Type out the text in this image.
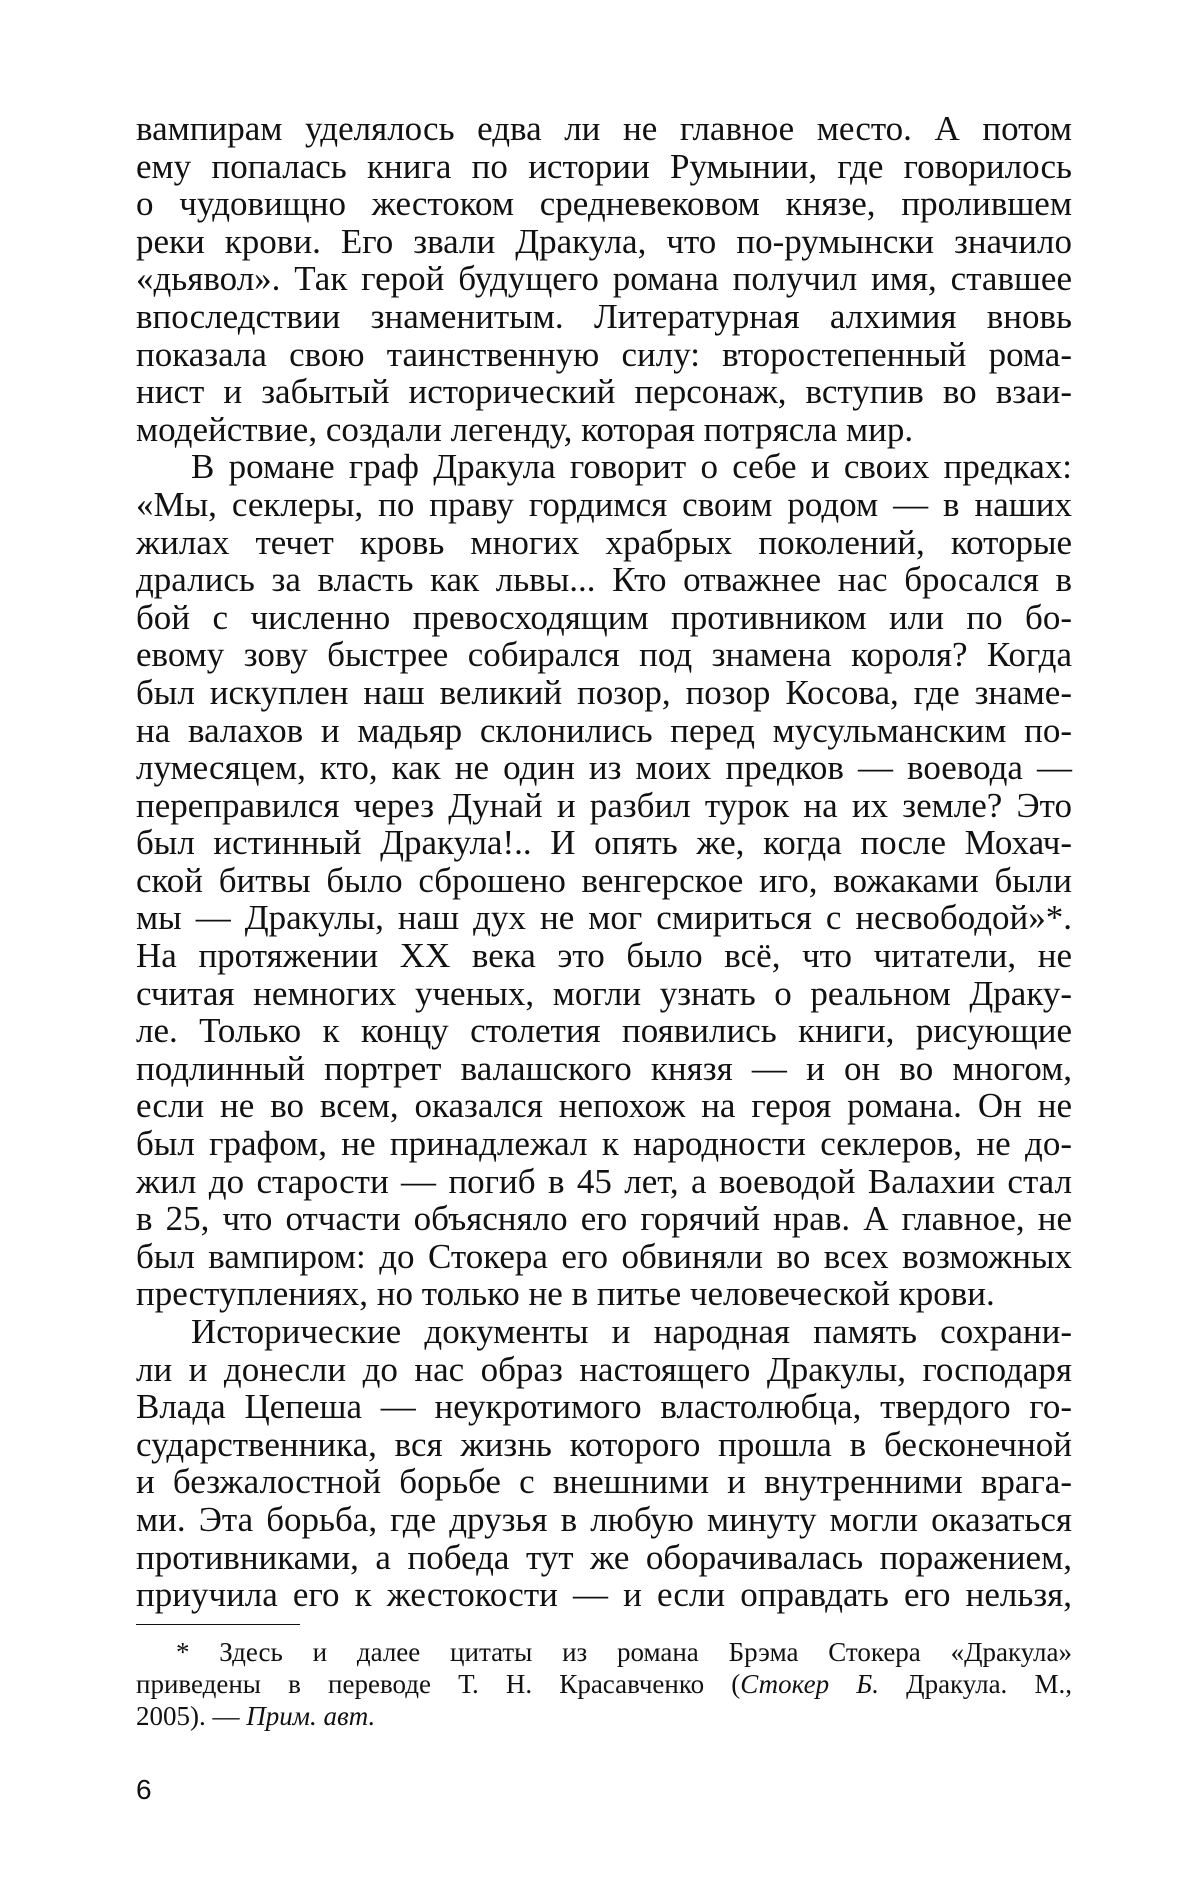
вампирам уделялось едва ли не главное место. А потом
ему попалась книга по истории Румынии, где говорилось
о чудовищно жестоком средневековом князе, пролившем
реки крови. Его звали Дракула, что по-румынски значило
«дьявол». Так герой будущего романа получил имя, ставшее
впоследствии знаменитым. Литературная алхимия вновь
показала свою таинственную силу: второстепенный рома-
нист и забытый исторический персонаж, вступив во взаи-
модействие, создали легенду, которая потрясла мир.
В романе граф Дракула говорит о себе и своих предках:
«Мы, секлеры, по праву гордимся своим родом — в наших
жилах течет кровь многих храбрых поколений, которые
дрались за власть как львы... Кто отважнее нас бросался в
бой с численно превосходящим противником или по бо-
евому зову быстрее собирался под знамена короля? Когда
был искуплен наш великий позор, позор Косова, где знаме-
на валахов и мадьяр склонились перед мусульманским по-
лумесяцем, кто, как не один из моих предков — воевода —
переправился через Дунай и разбил турок на их земле? Это
был истинный Дракула!.. И опять же, когда после Мохач-
ской битвы было сброшено венгерское иго, вожаками были
мы — Дракулы, наш дух не мог смириться с несвободой»*.
На протяжении XX века это было всё, что читатели, не
считая немногих ученых, могли узнать о реальном Драку-
ле. Только к концу столетия появились книги, рисующие
подлинный портрет валашского князя — и он во многом,
если не во всем, оказался непохож на героя романа. Он не
был графом, не принадлежал к народности секлеров, не до-
жил до старости — погиб в 45 лет, а воеводой Валахии стал
в 25, что отчасти объясняло его горячий нрав. А главное, не
был вампиром: до Стокера его обвиняли во всех возможных
преступлениях, но только не в питье человеческой крови.
Исторические документы и народная память сохрани-
ли и донесли до нас образ настоящего Дракулы, господаря
Влада Цепеша — неукротимого властолюбца, твердого го-
сударственника, вся жизнь которого прошла в бесконечной
и безжалостной борьбе с внешними и внутренними врага-
ми. Эта борьба, где друзья в любую минуту могли оказаться
противниками, а победа тут же оборачивалась поражением,
приучила его к жестокости — и если оправдать его нельзя,
* Здесь и далее цитаты из романа Брэма Стокера «Дракула»
приведены в переводе Т. Н. Красавченко (Стокер Б. Дракула. М.,
2005). — Прим. авт.
6
